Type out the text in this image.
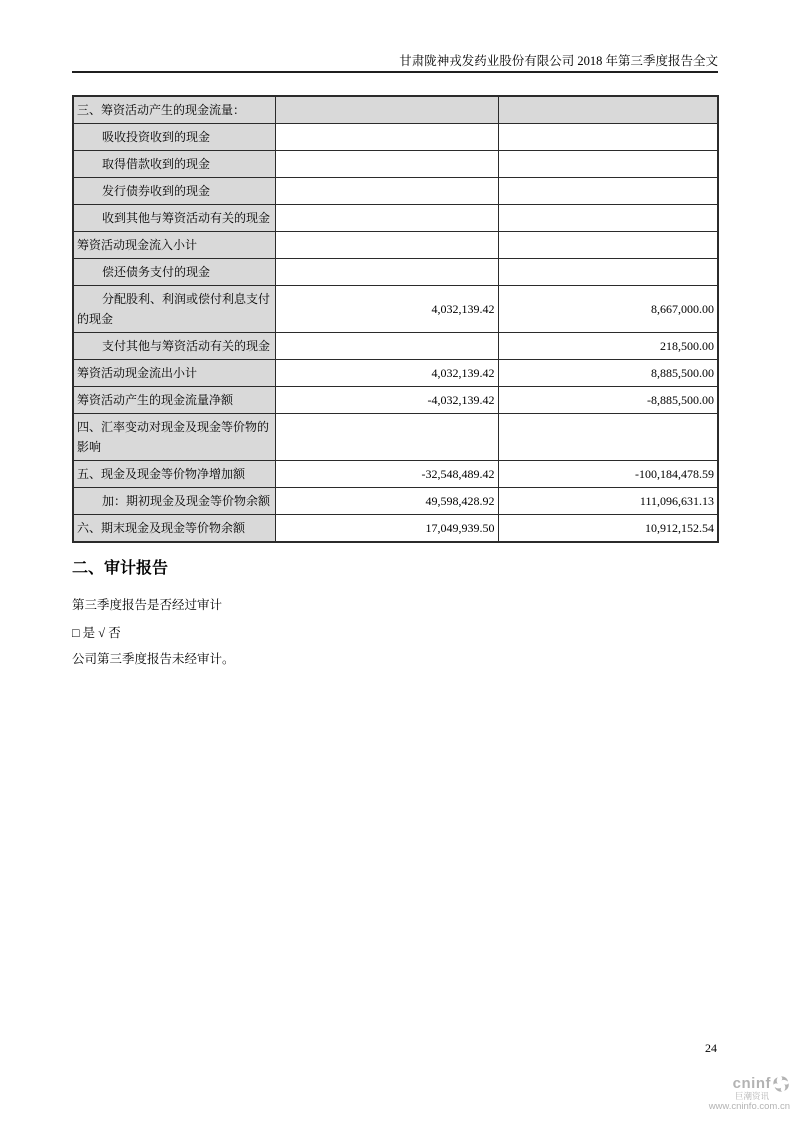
甘肃陇神戎发药业股份有限公司 2018 年第三季度报告全文
三、筹资活动产生的现金流量：		
吸收投资收到的现金		
取得借款收到的现金		
发行债券收到的现金		
收到其他与筹资活动有关的现金		
筹资活动现金流入小计		
偿还债务支付的现金		
分配股利、利润或偿付利息支付的现金	4,032,139.42	8,667,000.00
支付其他与筹资活动有关的现金		218,500.00
筹资活动现金流出小计	4,032,139.42	8,885,500.00
筹资活动产生的现金流量净额	-4,032,139.42	-8,885,500.00
四、汇率变动对现金及现金等价物的影响		
五、现金及现金等价物净增加额	-32,548,489.42	-100,184,478.59
加：期初现金及现金等价物余额	49,598,428.92	111,096,631.13
六、期末现金及现金等价物余额	17,049,939.50	10,912,152.54
二、审计报告
第三季度报告是否经过审计
□ 是 √ 否
公司第三季度报告未经审计。
24
cninf
巨潮资讯
www.cninfo.com.cn
